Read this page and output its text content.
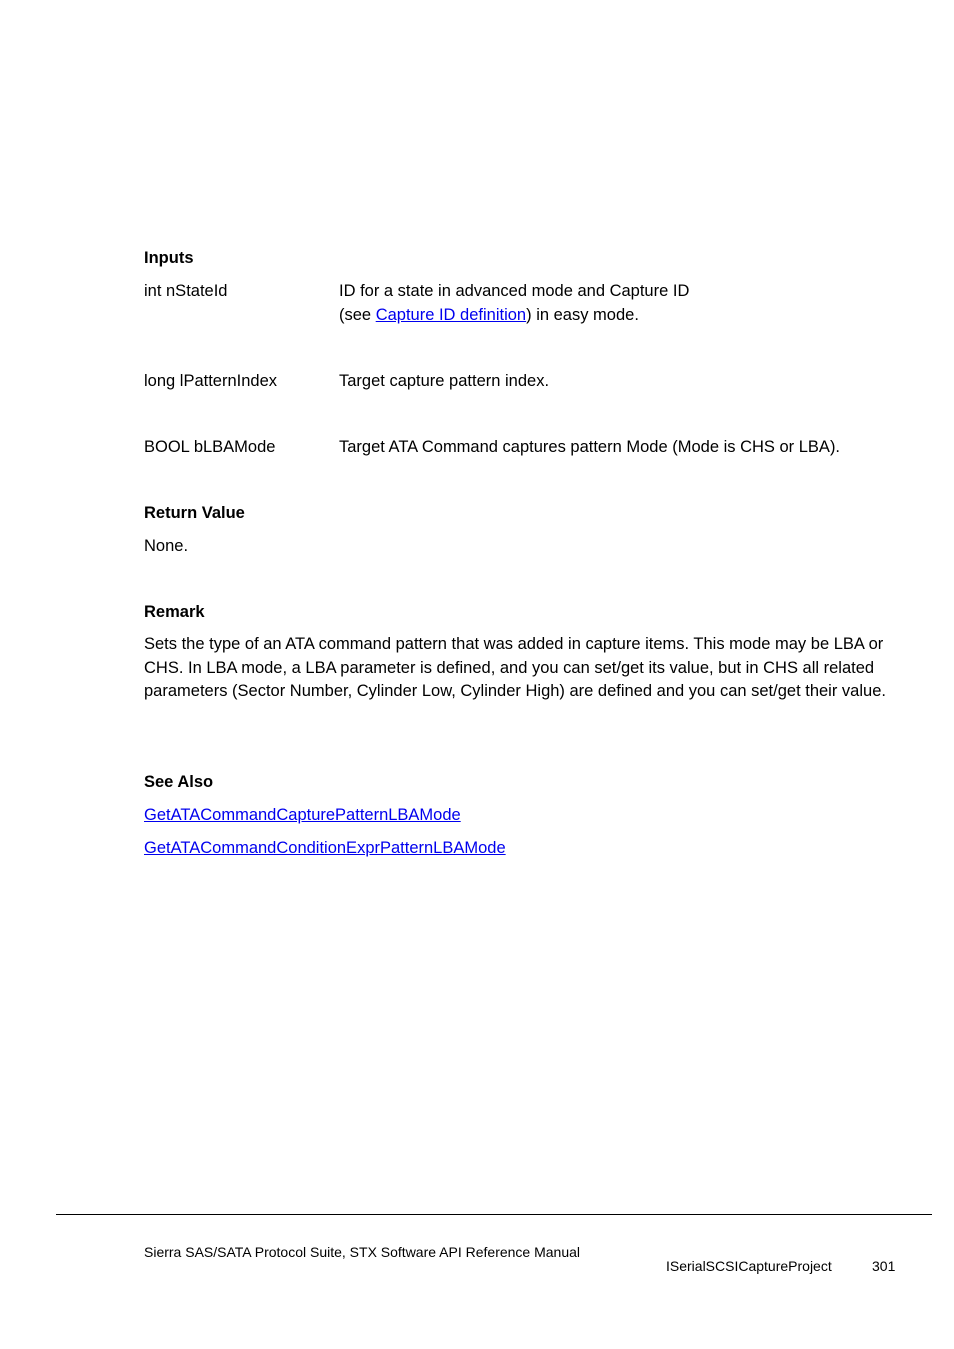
Inputs
int nStateId	ID for a state in advanced mode and Capture ID
(see Capture ID definition) in easy mode.
long lPatternIndex	Target capture pattern index.
BOOL bLBAMode	Target ATA Command captures pattern Mode (Mode is CHS or LBA).
Return Value
None.
Remark
Sets the type of an ATA command pattern that was added in capture items. This mode may be LBA or CHS. In LBA mode, a LBA parameter is defined, and you can set/get its value, but in CHS all related parameters (Sector Number, Cylinder Low, Cylinder High) are defined and you can set/get their value.
See Also
GetATACommandCapturePatternLBAMode
GetATACommandConditionExprPatternLBAMode
Sierra SAS/SATA Protocol Suite, STX Software API Reference Manual
ISerialSCSICaptureProject	301
